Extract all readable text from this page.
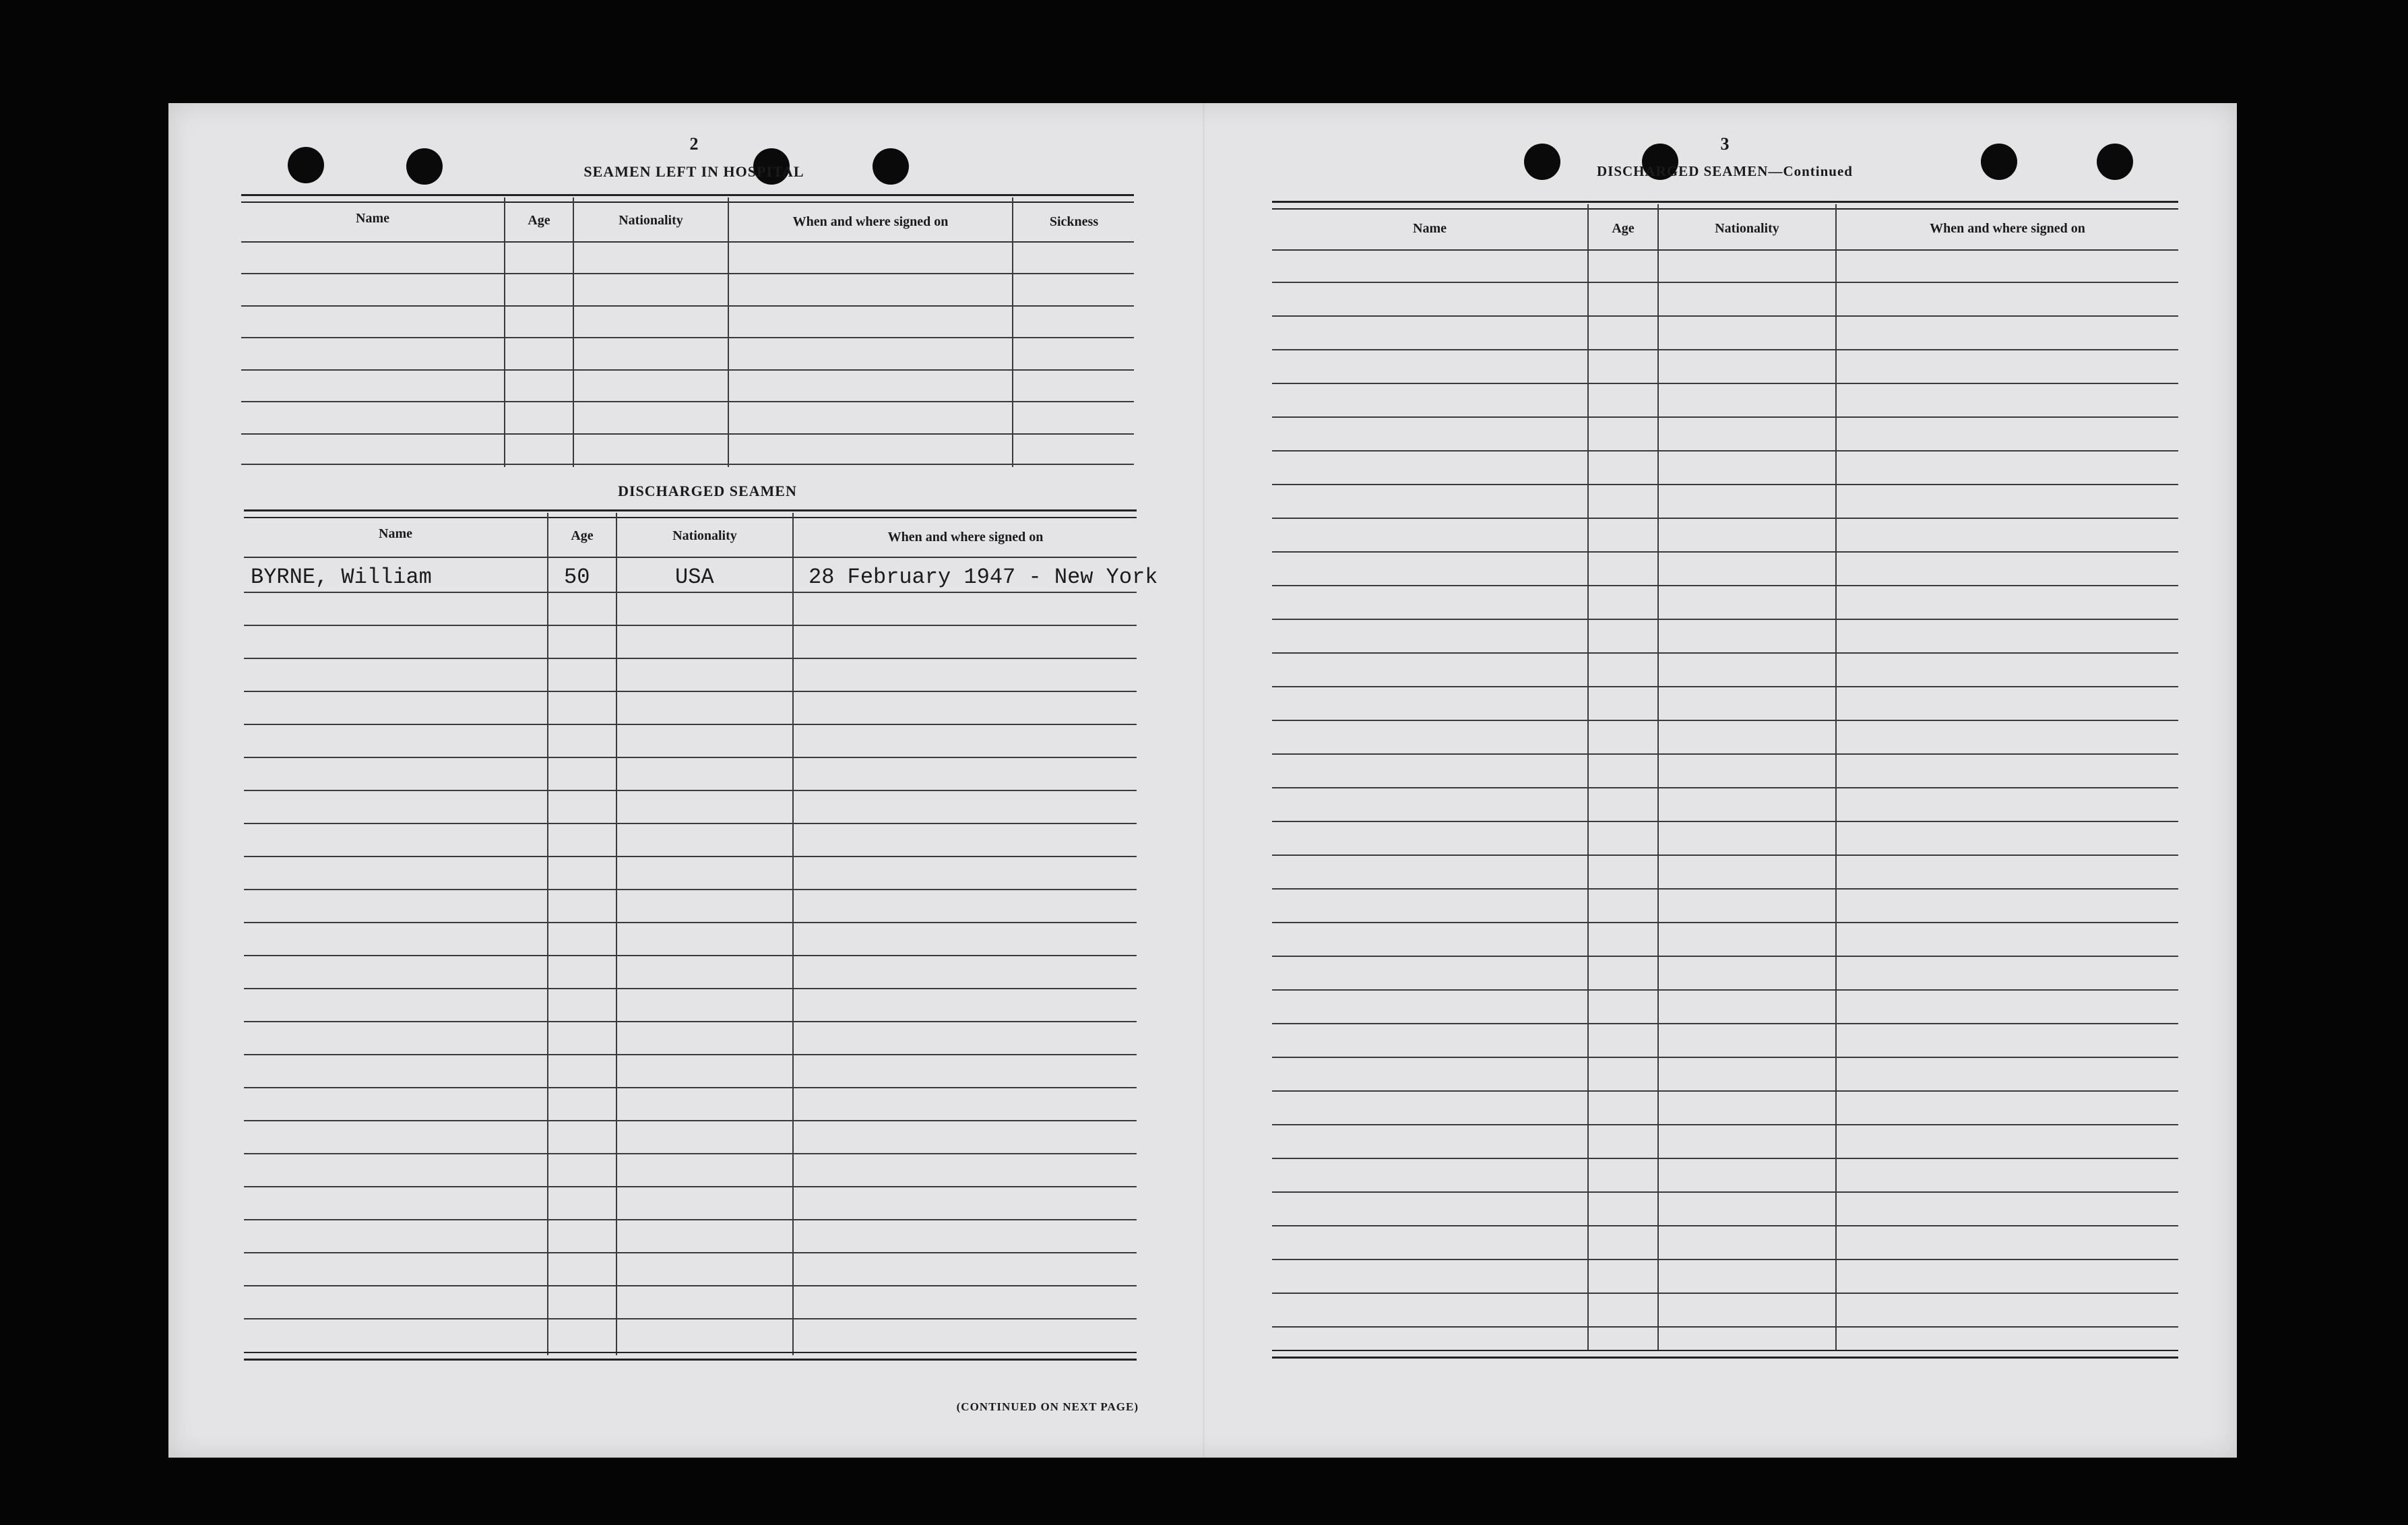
2
SEAMEN LEFT IN HOSPITAL
Name	Age	Nationality	When and where signed on	Sickness
DISCHARGED SEAMEN
Name	Age	Nationality	When and where signed on
BYRNE, William	50	USA	28 February 1947 - New York
(CONTINUED ON NEXT PAGE)
3
DISCHARGED SEAMEN—Continued
Name	Age	Nationality	When and where signed on
